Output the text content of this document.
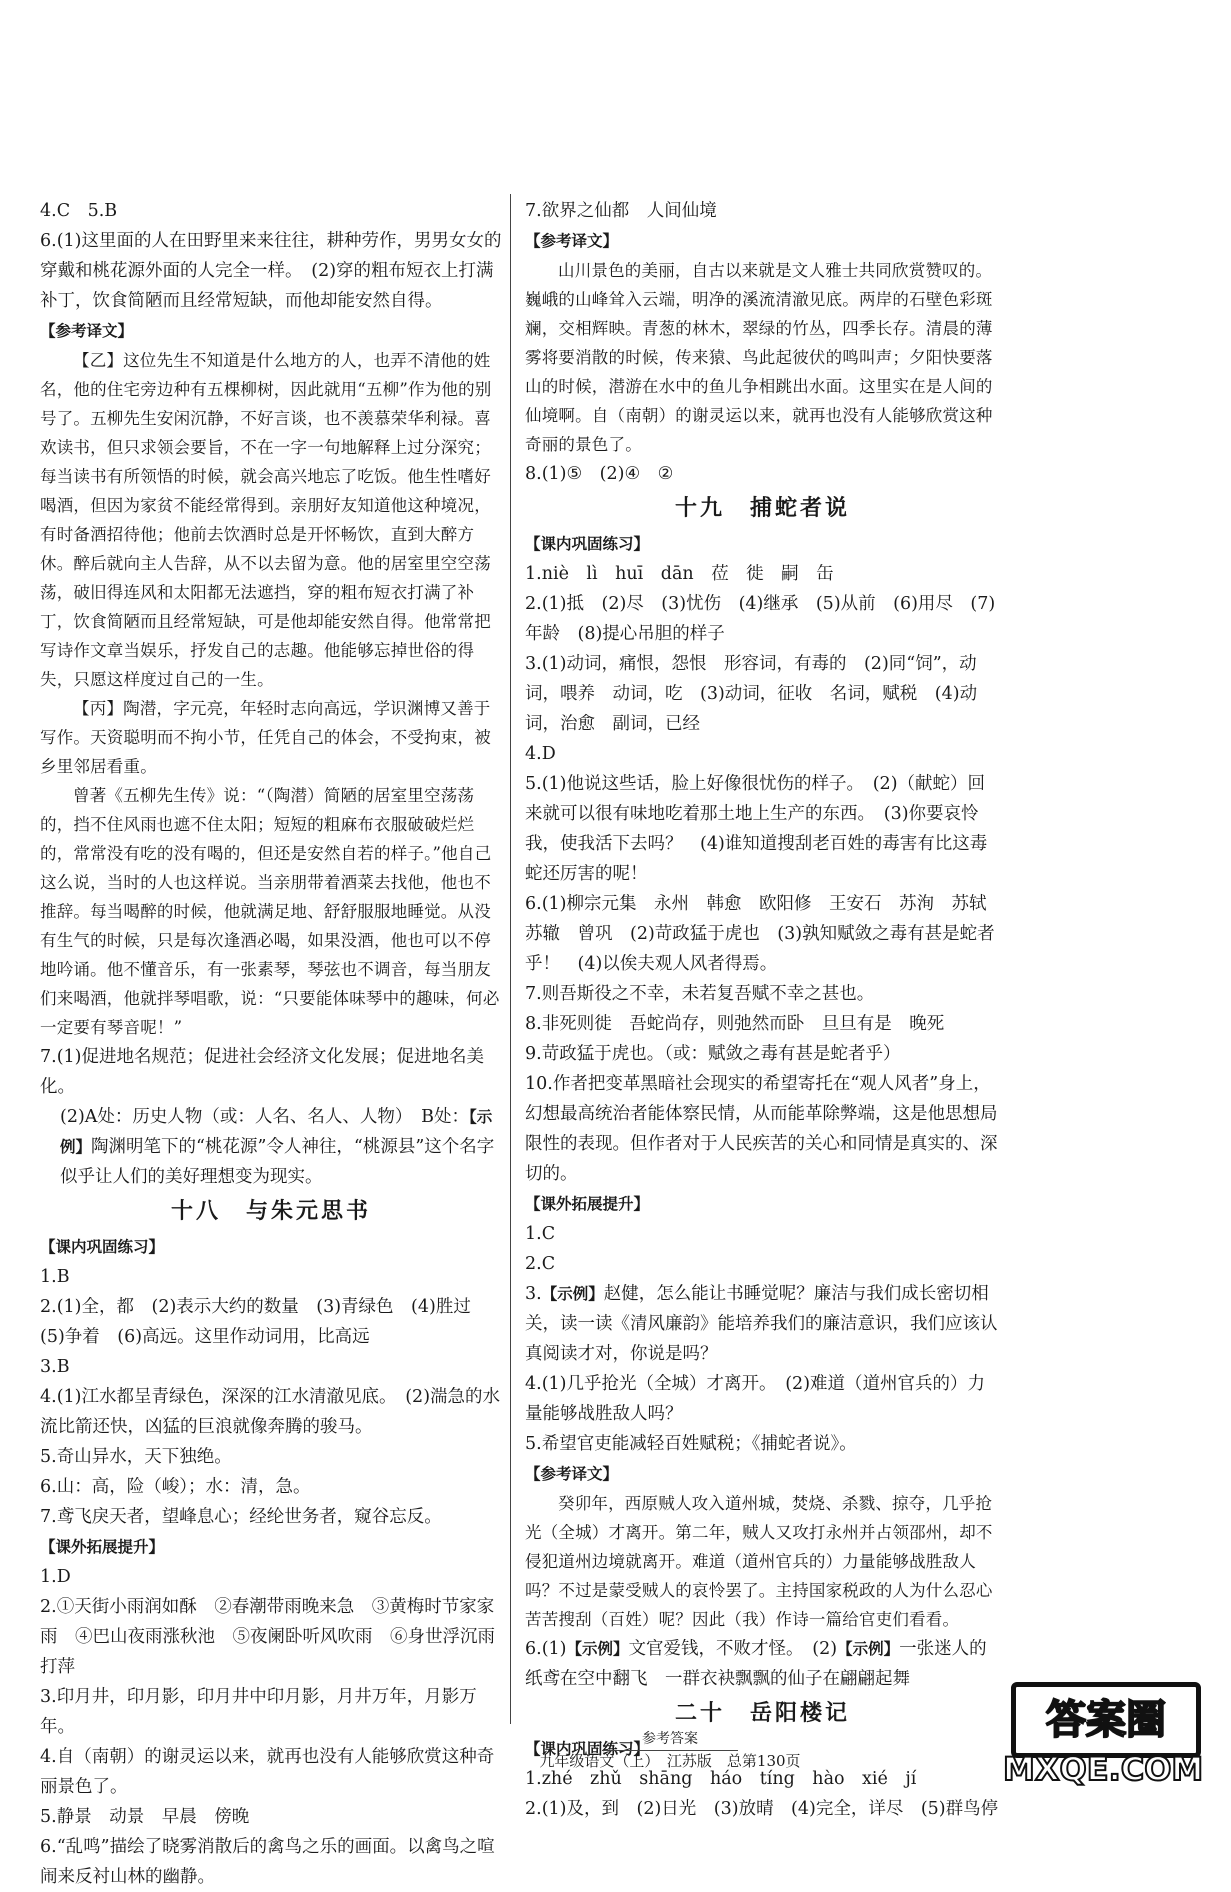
4.C　5.B

6.(1)这里面的人在田野里来来往往，耕种劳作，男男女女的穿戴和桃花源外面的人完全一样。　(2)穿的粗布短衣上打满补丁，饮食简陋而且经常短缺，而他却能安然自得。

【参考译文】

【乙】这位先生不知道是什么地方的人，也弄不清他的姓名，他的住宅旁边种有五棵柳树，因此就用“五柳”作为他的别号了。五柳先生安闲沉静，不好言谈，也不羡慕荣华利禄。喜欢读书，但只求领会要旨，不在一字一句地解释上过分深究；每当读书有所领悟的时候，就会高兴地忘了吃饭。他生性嗜好喝酒，但因为家贫不能经常得到。亲朋好友知道他这种境况，有时备酒招待他；他前去饮酒时总是开怀畅饮，直到大醉方休。醉后就向主人告辞，从不以去留为意。他的居室里空空荡荡，破旧得连风和太阳都无法遮挡，穿的粗布短衣打满了补丁，饮食简陋而且经常短缺，可是他却能安然自得。他常常把写诗作文章当娱乐，抒发自己的志趣。他能够忘掉世俗的得失，只愿这样度过自己的一生。

【丙】陶潜，字元亮，年轻时志向高远，学识渊博又善于写作。天资聪明而不拘小节，任凭自己的体会，不受拘束，被乡里邻居看重。

曾著《五柳先生传》说：“（陶潜）简陋的居室里空荡荡的，挡不住风雨也遮不住太阳；短短的粗麻布衣服破破烂烂的，常常没有吃的没有喝的，但还是安然自若的样子。”他自己这么说，当时的人也这样说。当亲朋带着酒菜去找他，他也不推辞。每当喝醉的时候，他就满足地、舒舒服服地睡觉。从没有生气的时候，只是每次逢酒必喝，如果没酒，他也可以不停地吟诵。他不懂音乐，有一张素琴，琴弦也不调音，每当朋友们来喝酒，他就拌琴唱歌，说：“只要能体味琴中的趣味，何必一定要有琴音呢！”

7.(1)促进地名规范；促进社会经济文化发展；促进地名美化。

(2)A处：历史人物（或：人名、名人、人物）　B处：【示例】陶渊明笔下的“桃花源”令人神往，“桃源县”这个名字似乎让人们的美好理想变为现实。

十八　与朱元思书

【课内巩固练习】

1.B

2.(1)全，都　(2)表示大约的数量　(3)青绿色　(4)胜过　(5)争着　(6)高远。这里作动词用，比高远

3.B

4.(1)江水都呈青绿色，深深的江水清澈见底。　(2)湍急的水流比箭还快，凶猛的巨浪就像奔腾的骏马。

5.奇山异水，天下独绝。

6.山：高，险（峻）；水：清，急。

7.鸢飞戾天者，望峰息心；经纶世务者，窥谷忘反。

【课外拓展提升】

1.D

2.①天街小雨润如酥　②春潮带雨晚来急　③黄梅时节家家雨　④巴山夜雨涨秋池　⑤夜阑卧听风吹雨　⑥身世浮沉雨打萍

3.印月井，印月影，印月井中印月影，月井万年，月影万年。

4.自（南朝）的谢灵运以来，就再也没有人能够欣赏这种奇丽景色了。

5.静景　动景　早晨　傍晚

6.“乱鸣”描绘了晓雾消散后的禽鸟之乐的画面。以禽鸟之喧闹来反衬山林的幽静。

7.欲界之仙都　人间仙境

【参考译文】

山川景色的美丽，自古以来就是文人雅士共同欣赏赞叹的。巍峨的山峰耸入云端，明净的溪流清澈见底。两岸的石壁色彩斑斓，交相辉映。青葱的林木，翠绿的竹丛，四季长存。清晨的薄雾将要消散的时候，传来猿、鸟此起彼伏的鸣叫声；夕阳快要落山的时候，潜游在水中的鱼儿争相跳出水面。这里实在是人间的仙境啊。自（南朝）的谢灵运以来，就再也没有人能够欣赏这种奇丽的景色了。

8.(1)⑤　(2)④　②

十九　捕蛇者说

【课内巩固练习】

1.niè　lì　huī　dān　莅　徙　嗣　缶

2.(1)抵　(2)尽　(3)忧伤　(4)继承　(5)从前　(6)用尽　(7)年龄　(8)提心吊胆的样子

3.(1)动词，痛恨，怨恨　形容词，有毒的　(2)同“饲”，动词，喂养　动词，吃　(3)动词，征收　名词，赋税　(4)动词，治愈　副词，已经

4.D

5.(1)他说这些话，脸上好像很忧伤的样子。　(2)（献蛇）回来就可以很有味地吃着那土地上生产的东西。　(3)你要哀怜我，使我活下去吗？　(4)谁知道搜刮老百姓的毒害有比这毒蛇还厉害的呢！

6.(1)柳宗元集　永州　韩愈　欧阳修　王安石　苏洵　苏轼　苏辙　曾巩　(2)苛政猛于虎也　(3)孰知赋敛之毒有甚是蛇者乎！　(4)以俟夫观人风者得焉。

7.则吾斯役之不幸，未若复吾赋不幸之甚也。

8.非死则徙　吾蛇尚存，则弛然而卧　旦旦有是　晚死

9.苛政猛于虎也。（或：赋敛之毒有甚是蛇者乎）

10.作者把变革黑暗社会现实的希望寄托在“观人风者”身上，幻想最高统治者能体察民情，从而能革除弊端，这是他思想局限性的表现。但作者对于人民疾苦的关心和同情是真实的、深切的。

【课外拓展提升】

1.C

2.C

3.【示例】赵健，怎么能让书睡觉呢？廉洁与我们成长密切相关，读一读《清风廉韵》能培养我们的廉洁意识，我们应该认真阅读才对，你说是吗？

4.(1)几乎抢光（全城）才离开。　(2)难道（道州官兵的）力量能够战胜敌人吗？

5.希望官吏能减轻百姓赋税；《捕蛇者说》。

【参考译文】

癸卯年，西原贼人攻入道州城，焚烧、杀戮、掠夺，几乎抢光（全城）才离开。第二年，贼人又攻打永州并占领邵州，却不侵犯道州边境就离开。难道（道州官兵的）力量能够战胜敌人吗？不过是蒙受贼人的哀怜罢了。主持国家税政的人为什么忍心苦苦搜刮（百姓）呢？因此（我）作诗一篇给官吏们看看。

6.(1)【示例】文官爱钱，不败才怪。　(2)【示例】一张迷人的纸鸢在空中翻飞　一群衣袂飘飘的仙子在翩翩起舞

二十　岳阳楼记

【课内巩固练习】

1.zhé　zhǔ　shāng　háo　tíng　hào　xié　jí

2.(1)及，到　(2)日光　(3)放晴　(4)完全，详尽　(5)群鸟停

参考答案
九年级语文（上）　江苏版　总第130页
答案圈
MXQE.COM
